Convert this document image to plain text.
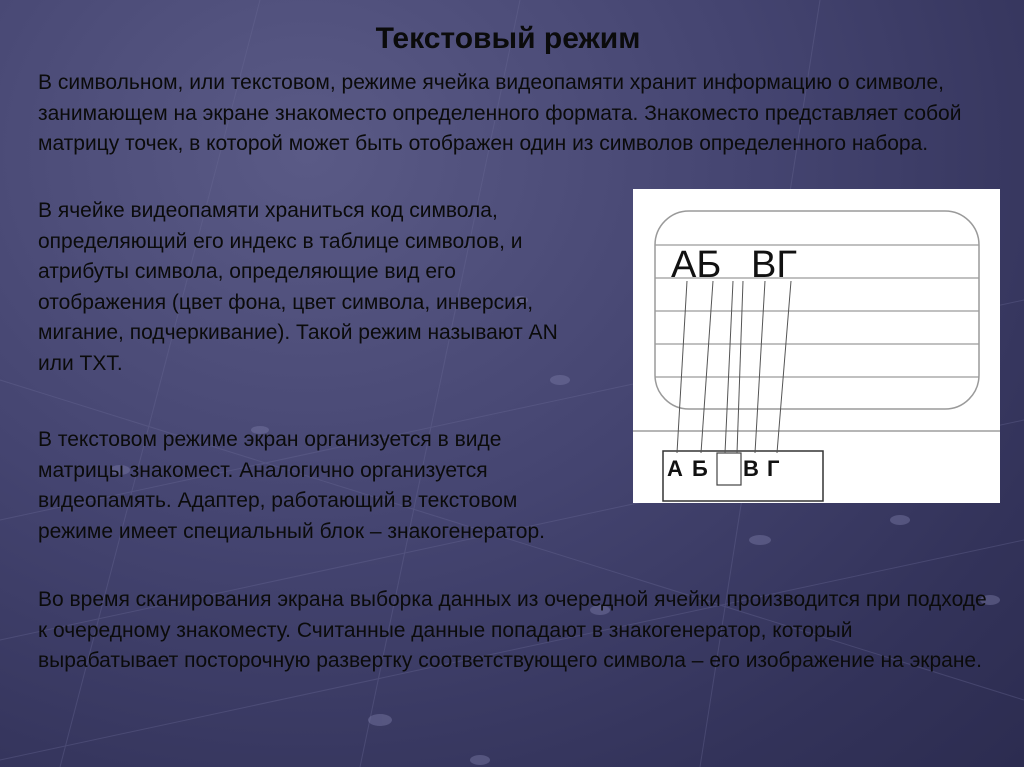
Текстовый режим

В символьном, или текстовом, режиме ячейка видеопамяти хранит информацию о символе, занимающем на экране знакоместо определенного формата. Знакоместо представляет собой матрицу точек, в которой может быть отображен один из символов определенного набора.

В ячейке видеопамяти храниться код символа, определяющий его индекс в таблице символов, и атрибуты символа, определяющие вид его отображения (цвет фона, цвет символа, инверсия, мигание, подчеркивание). Такой режим называют AN или TXT.

В текстовом режиме экран организуется в виде матрицы знакомест. Аналогично организуется видеопамять. Адаптер, работающий в текстовом режиме имеет специальный блок – знакогенератор.

Во время сканирования экрана выборка данных из очередной ячейки производится при подходе к очередному знакоместу. Считанные данные попадают в знакогенератор, который вырабатывает посторочную развертку соответствующего символа – его изображение на экране.

АБ ВГ
А Б В Г
